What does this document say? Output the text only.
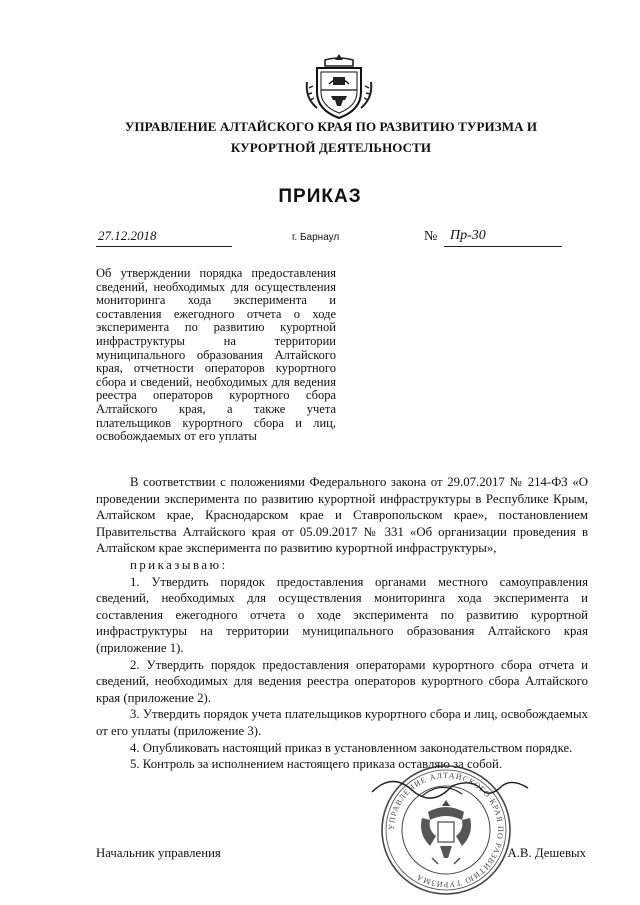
УПРАВЛЕНИЕ АЛТАЙСКОГО КРАЯ ПО РАЗВИТИЮ ТУРИЗМА И
КУРОРТНОЙ ДЕЯТЕЛЬНОСТИ
ПРИКАЗ
27.12.2018	г. Барнаул	№ Пр-30
Об утверждении порядка предоставления сведений, необходимых для осуществления мониторинга хода эксперимента и составления ежегодного отчета о ходе эксперимента по развитию курортной инфраструктуры на территории муниципального образования Алтайского края, отчетности операторов курортного сбора и сведений, необходимых для ведения реестра операторов курортного сбора Алтайского края, а также учета плательщиков курортного сбора и лиц, освобождаемых от его уплаты

В соответствии с положениями Федерального закона от 29.07.2017 № 214-ФЗ «О проведении эксперимента по развитию курортной инфраструктуры в Республике Крым, Алтайском крае, Краснодарском крае и Ставропольском крае», постановлением Правительства Алтайского края от 05.09.2017 № 331 «Об организации проведения в Алтайском крае эксперимента по развитию курортной инфраструктуры»,

приказываю:

1. Утвердить порядок предоставления органами местного самоуправления сведений, необходимых для осуществления мониторинга хода эксперимента и составления ежегодного отчета о ходе эксперимента по развитию курортной инфраструктуры на территории муниципального образования Алтайского края (приложение 1).

2. Утвердить порядок предоставления операторами курортного сбора отчета и сведений, необходимых для ведения реестра операторов курортного сбора Алтайского края (приложение 2).

3. Утвердить порядок учета плательщиков курортного сбора и лиц, освобождаемых от его уплаты (приложение 3).

4. Опубликовать настоящий приказ в установленном законодательством порядке.

5. Контроль за исполнением настоящего приказа оставляю за собой.

УПРАВЛЕНИЕ АЛТАЙСКОГО КРАЯ ПО РАЗВИТИЮ ТУРИЗМА
Начальник управления	А.В. Дешевых
